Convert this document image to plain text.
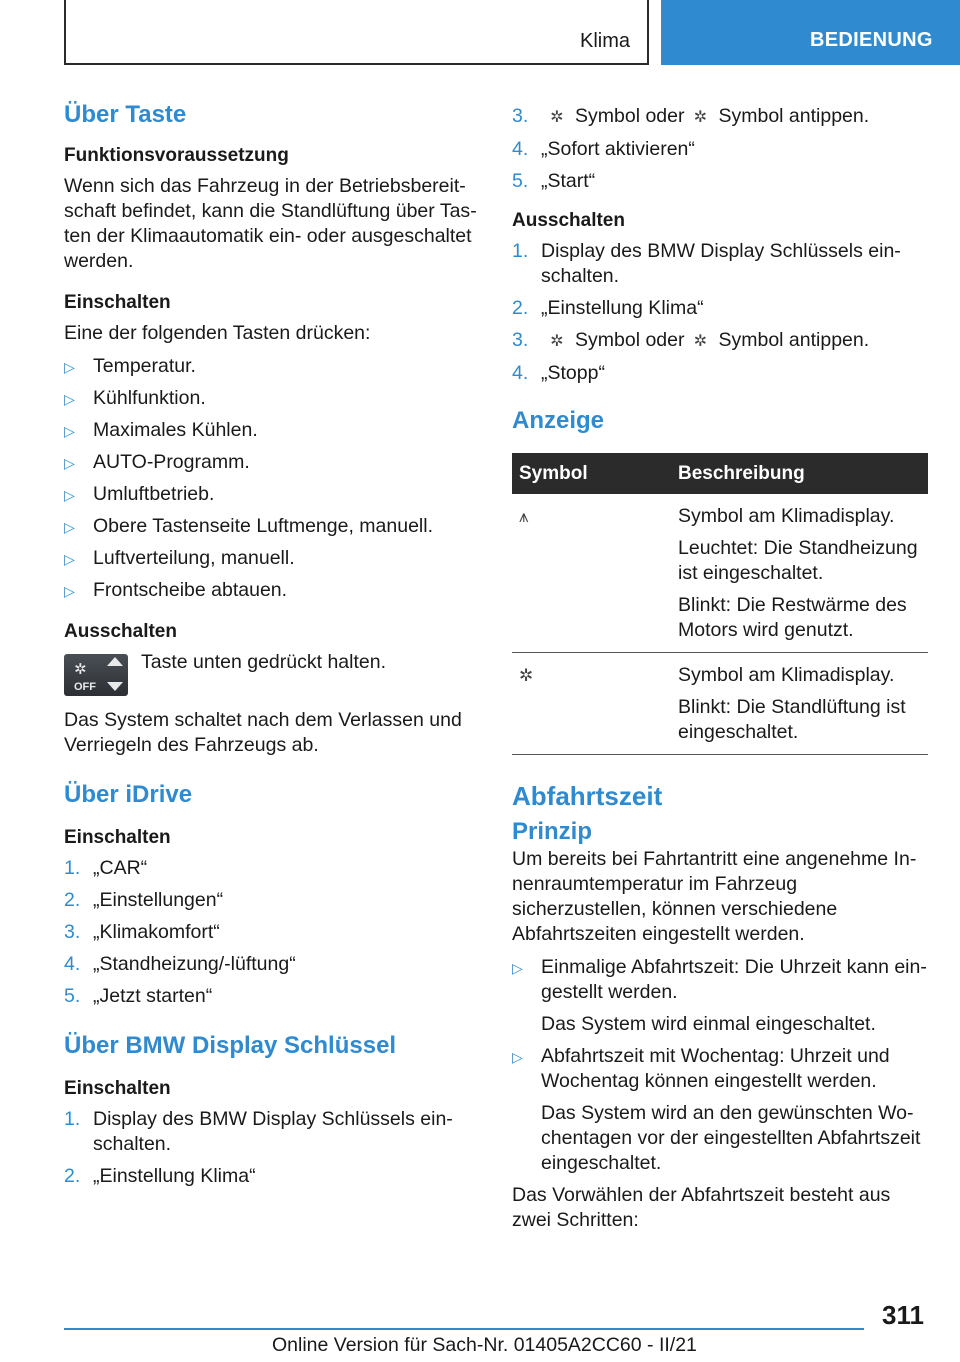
Klima	BEDIENUNG
Über Taste
Funktionsvoraussetzung

Wenn sich das Fahrzeug in der Betriebsbereitschaft befindet, kann die Standlüftung über Tasten der Klimaautomatik ein- oder ausgeschaltet werden.

Einschalten

Eine der folgenden Tasten drücken:

▷ Temperatur.
▷ Kühlfunktion.
▷ Maximales Kühlen.
▷ AUTO-Programm.
▷ Umluftbetrieb.
▷ Obere Tastenseite Luftmenge, manuell.
▷ Luftverteilung, manuell.
▷ Frontscheibe abtauen.
Ausschalten
✲
OFF
Taste unten gedrückt halten.

Das System schaltet nach dem Verlassen und Verriegeln des Fahrzeugs ab.

Über iDrive
Einschalten
1. „CAR“
2. „Einstellungen“
3. „Klimakomfort“
4. „Standheizung/-lüftung“
5. „Jetzt starten“
Über BMW Display Schlüssel
Einschalten
1. Display des BMW Display Schlüssels einschalten.
2. „Einstellung Klima“
3. ✲ Symbol oder ✲ Symbol antippen.
4. „Sofort aktivieren“
5. „Start“
Ausschalten
1. Display des BMW Display Schlüssels einschalten.
2. „Einstellung Klima“
3. ✲ Symbol oder ✲ Symbol antippen.
4. „Stopp“
Anzeige
Symbol	Beschreibung
⩚	Symbol am Klimadisplay.

Leuchtet: Die Standheizung ist eingeschaltet.

Blinkt: Die Restwärme des Motors wird genutzt.

✲	Symbol am Klimadisplay.

Blinkt: Die Standlüftung ist eingeschaltet.

Abfahrtszeit
Prinzip

Um bereits bei Fahrtantritt eine angenehme Innenraumtemperatur im Fahrzeug sicherzustellen, können verschiedene Abfahrtszeiten eingestellt werden.

▷ Einmalige Abfahrtszeit: Die Uhrzeit kann eingestellt werden.
Das System wird einmal eingeschaltet.
▷ Abfahrtszeit mit Wochentag: Uhrzeit und Wochentag können eingestellt werden.
Das System wird an den gewünschten Wochentagen vor der eingestellten Abfahrtszeit eingeschaltet.

Das Vorwählen der Abfahrtszeit besteht aus zwei Schritten:

311
Online Version für Sach-Nr. 01405A2CC60 - II/21
